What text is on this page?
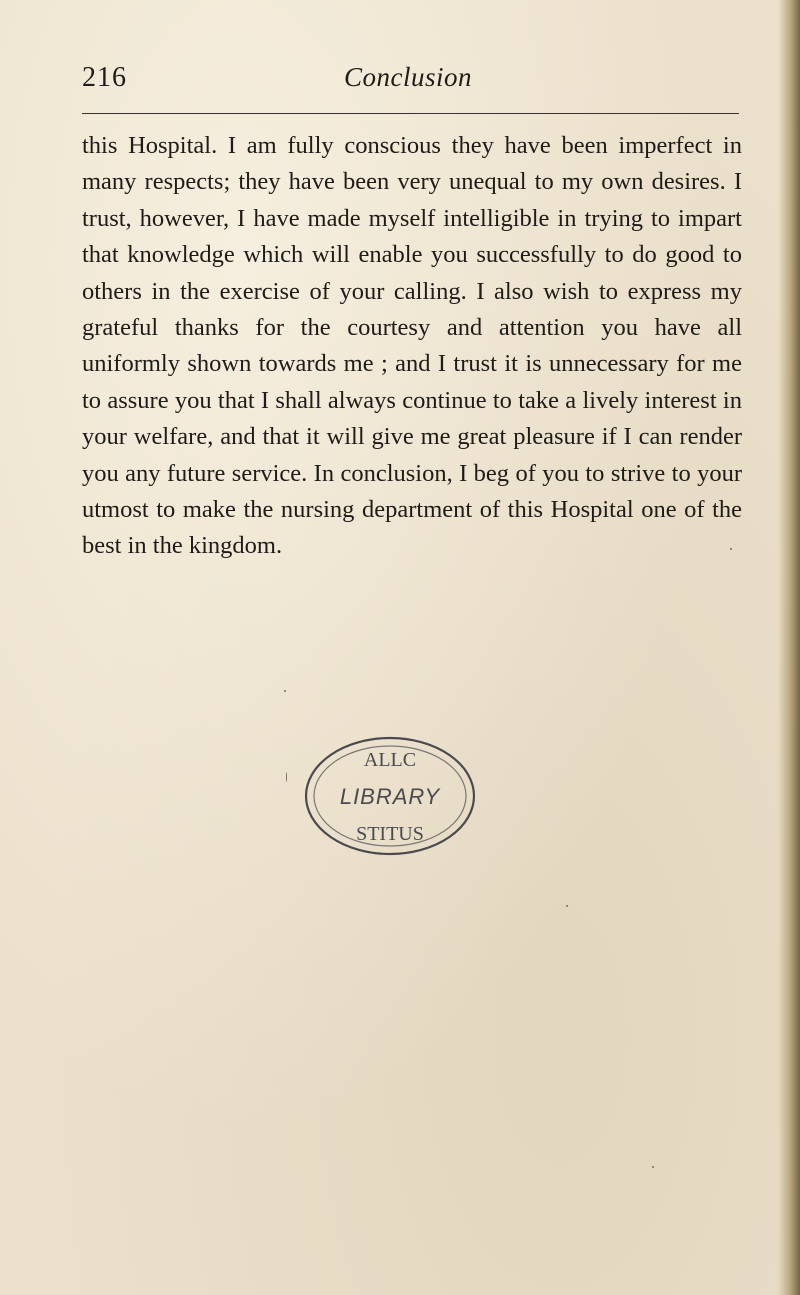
216	Conclusion

this Hospital. I am fully conscious they have been imperfect in many respects; they have been very unequal to my own desires. I trust, however, I have made myself intelligible in trying to impart that knowledge which will enable you successfully to do good to others in the exercise of your calling. I also wish to express my grateful thanks for the courtesy and attention you have all uniformly shown towards me ; and I trust it is unnecessary for me to assure you that I shall always continue to take a lively interest in your welfare, and that it will give me great pleasure if I can render you any future service. In conclusion, I beg of you to strive to your utmost to make the nursing department of this Hospital one of the best in the kingdom.

ALLC
LIBRARY
STITUS
